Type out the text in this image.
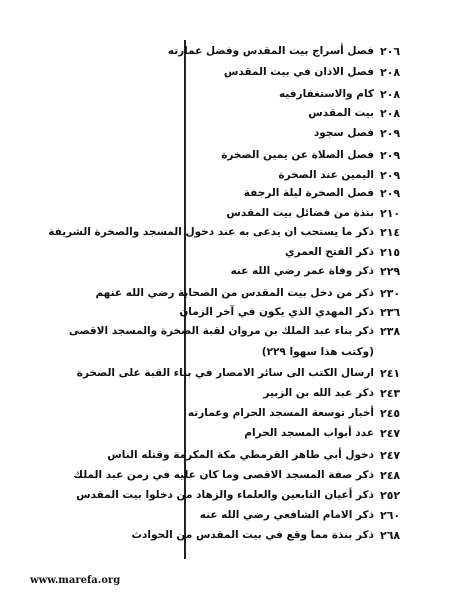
٢٠٦
فصل أسراج بيت المقدس وفضل عمارته
٢٠٨
فصل الاذان في بيت المقدس
٢٠٨
كام والاستغفارفيه
٢٠٨
بيت المقدس
٢٠٩
فصل سجود
٢٠٩
فصل الصلاة عن يمين الصخرة
٢٠٩
اليمين عند الصخرة
٢٠٩
فصل الصخرة ليلة الرجفة
٢١٠
بنذة من فضائل بيت المقدس
٢١٤
ذكر ما يستحب ان يدعى به عند دخول المسجد والصخرة الشريفة
٢١٥
ذكر الفتح العمري
٢٢٩
ذكر وفاة عمر رضي الله عنه
٢٣٠
ذكر من دخل بيت المقدس من الصحابة رضي الله عنهم
٢٣٦
ذكر المهدي الذي يكون في آخر الزمان
٢٣٨
ذكر بناء عبد الملك بن مروان لقبة الصخرة والمسجد الاقصى
(وكتب هذا سهوا ٢٢٩)
٢٤١
ارسال الكتب الى سائر الامصار في بناء القبة على الصخرة
٢٤٣
ذكر عبد الله بن الزبير
٢٤٥
أخبار توسعة المسجد الحرام وعمارته
٢٤٧
عدد أبواب المسجد الحرام
٢٤٧
دخول أبي طاهر القرمطي مكة المكرمة وقتله الناس
٢٤٨
ذكر صفة المسجد الاقصى وما كان عليه في زمن عبد الملك
٢٥٢
ذكر أعيان التابعين والعلماء والزهاد من دخلوا بيت المقدس
٢٦٠
ذكر الامام الشافعي رضي الله عنه
٢٦٨
ذكر بنذة مما وقع في بيت المقدس من الحوادث
www.marefa.org
